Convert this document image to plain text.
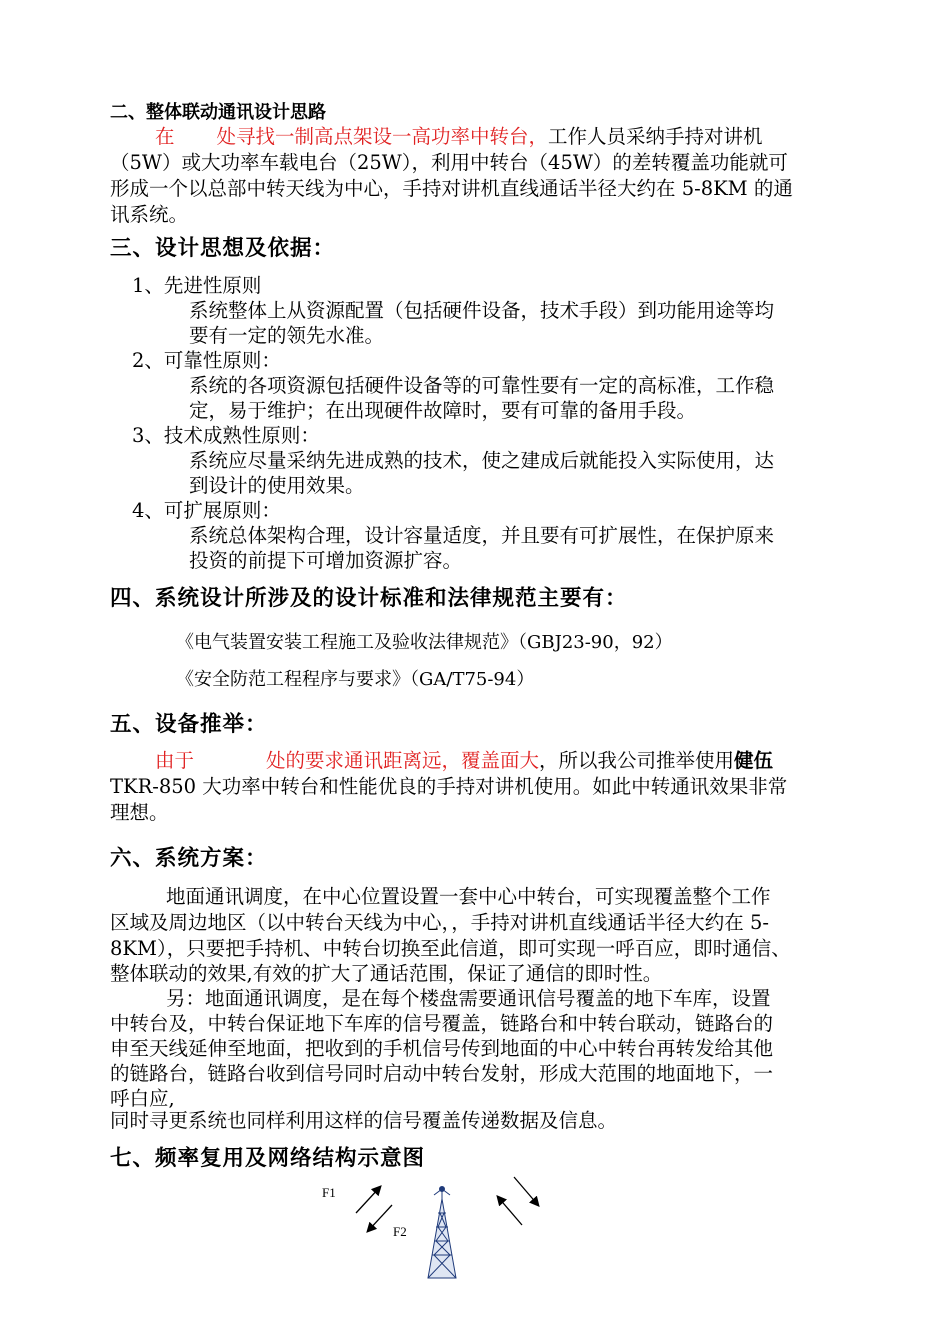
二、整体联动通讯设计思路
在 处寻找一制高点架设一高功率中转台，工作人员采纳手持对讲机
（5W）或大功率车载电台（25W），利用中转台（45W）的差转覆盖功能就可
形成一个以总部中转天线为中心，手持对讲机直线通话半径大约在 5-8KM 的通
讯系统。
三、设计思想及依据：
1、先进性原则
系统整体上从资源配置（包括硬件设备，技术手段）到功能用途等均
要有一定的领先水准。
2、可靠性原则：
系统的各项资源包括硬件设备等的可靠性要有一定的高标准，工作稳
定，易于维护；在出现硬件故障时，要有可靠的备用手段。
3、技术成熟性原则：
系统应尽量采纳先进成熟的技术，使之建成后就能投入实际使用，达
到设计的使用效果。
4、可扩展原则：
系统总体架构合理，设计容量适度，并且要有可扩展性，在保护原来
投资的前提下可增加资源扩容。
四、系统设计所涉及的设计标准和法律规范主要有：
《电气装置安装工程施工及验收法律规范》（GBJ23-90，92）
《安全防范工程程序与要求》（GA/T75-94）
五、设备推举：
由于	处的要求通讯距离远，覆盖面大，所以我公司推举使用健伍
TKR-850 大功率中转台和性能优良的手持对讲机使用。如此中转通讯效果非常
理想。
六、系统方案：
地面通讯调度，在中心位置设置一套中心中转台，可实现覆盖整个工作
区域及周边地区（以中转台天线为中心，，手持对讲机直线通话半径大约在 5-
8KM），只要把手持机、中转台切换至此信道，即可实现一呼百应，即时通信、
整体联动的效果,有效的扩大了通话范围，保证了通信的即时性。
另：地面通讯调度，是在每个楼盘需要通讯信号覆盖的地下车库，设置
中转台及，中转台保证地下车库的信号覆盖，链路台和中转台联动，链路台的
申至天线延伸至地面，把收到的手机信号传到地面的中心中转台再转发给其他
的链路台，链路台收到信号同时启动中转台发射，形成大范围的地面地下，一
呼白应,
同时寻更系统也同样利用这样的信号覆盖传递数据及信息。
七、频率复用及网络结构示意图
F1
F2
